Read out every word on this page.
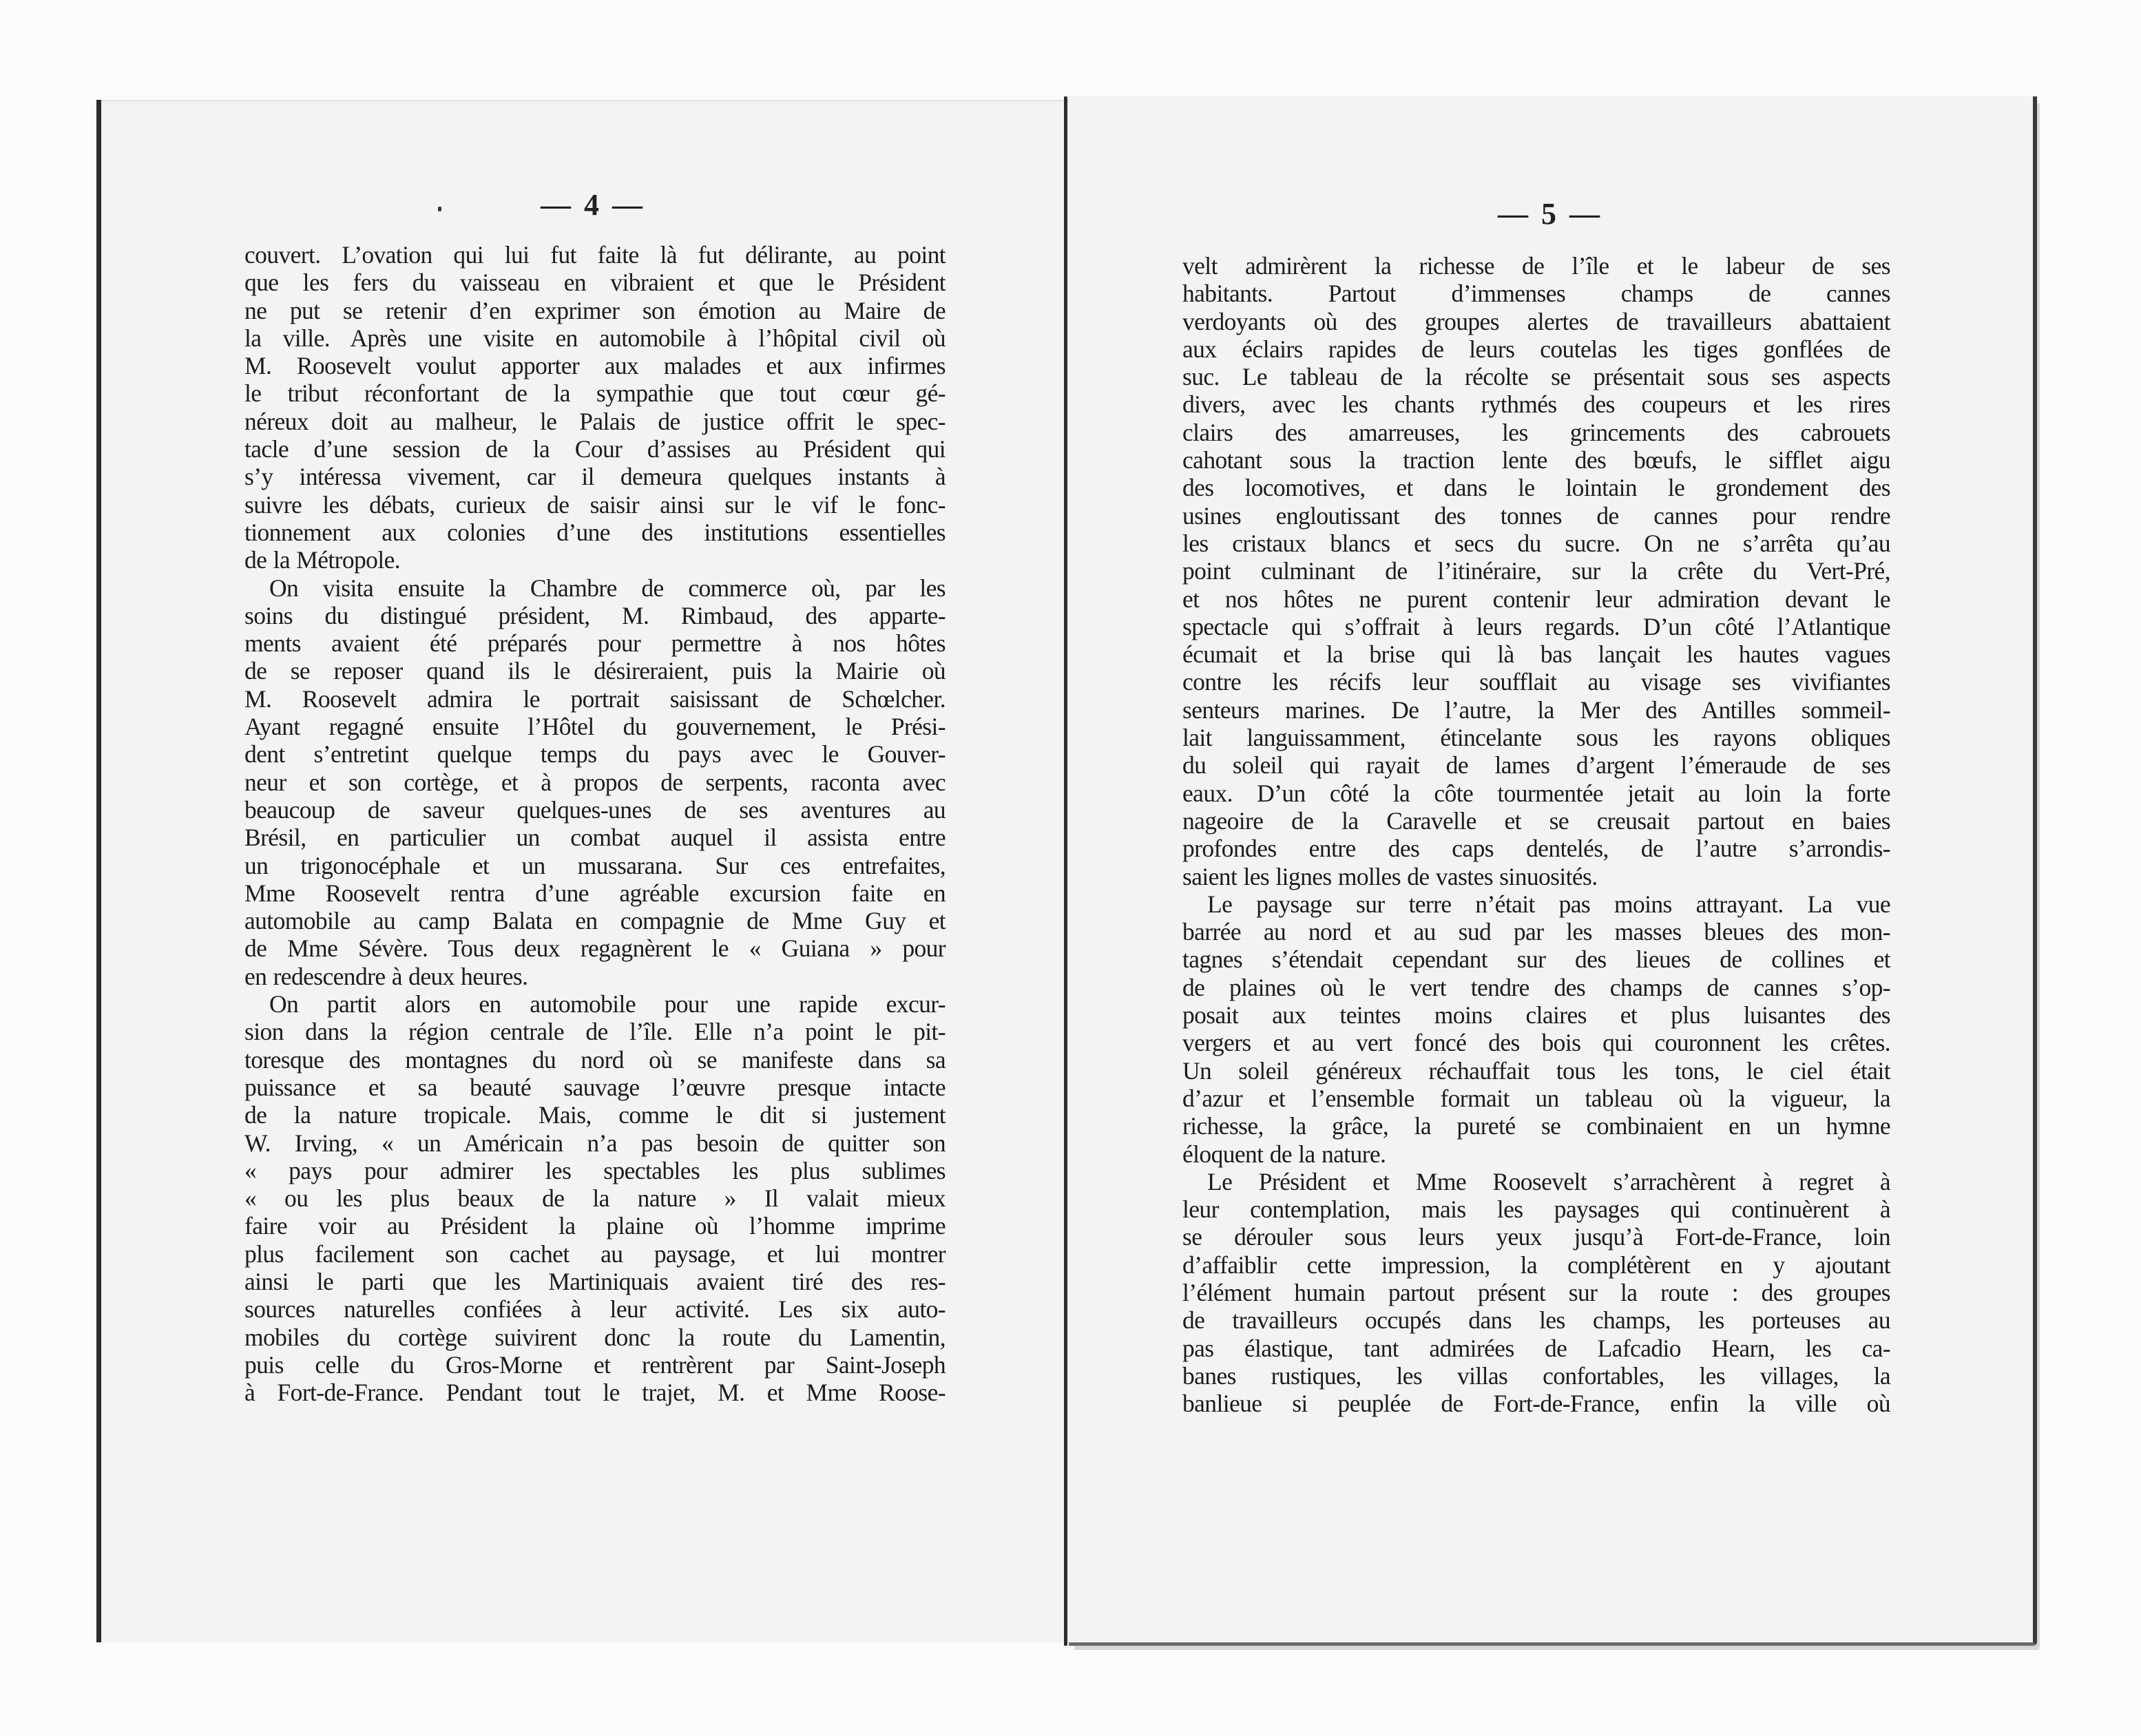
— 4 —	— 5 —
couvert. L’ovation qui lui fut faite là fut délirante, au point
que les fers du vaisseau en vibraient et que le Président
ne put se retenir d’en exprimer son émotion au Maire de
la ville. Après une visite en automobile à l’hôpital civil où
M. Roosevelt voulut apporter aux malades et aux infirmes
le tribut réconfortant de la sympathie que tout cœur gé-
néreux doit au malheur, le Palais de justice offrit le spec-
tacle d’une session de la Cour d’assises au Président qui
s’y intéressa vivement, car il demeura quelques instants à
suivre les débats, curieux de saisir ainsi sur le vif le fonc-
tionnement aux colonies d’une des institutions essentielles
de la Métropole.
On visita ensuite la Chambre de commerce où, par les
soins du distingué président, M. Rimbaud, des apparte-
ments avaient été préparés pour permettre à nos hôtes
de se reposer quand ils le désireraient, puis la Mairie où
M. Roosevelt admira le portrait saisissant de Schœlcher.
Ayant regagné ensuite l’Hôtel du gouvernement, le Prési-
dent s’entretint quelque temps du pays avec le Gouver-
neur et son cortège, et à propos de serpents, raconta avec
beaucoup de saveur quelques-unes de ses aventures au
Brésil, en particulier un combat auquel il assista entre
un trigonocéphale et un mussarana. Sur ces entrefaites,
Mme Roosevelt rentra d’une agréable excursion faite en
automobile au camp Balata en compagnie de Mme Guy et
de Mme Sévère. Tous deux regagnèrent le « Guiana » pour
en redescendre à deux heures.
On partit alors en automobile pour une rapide excur-
sion dans la région centrale de l’île. Elle n’a point le pit-
toresque des montagnes du nord où se manifeste dans sa
puissance et sa beauté sauvage l’œuvre presque intacte
de la nature tropicale. Mais, comme le dit si justement
W. Irving, « un Américain n’a pas besoin de quitter son
« pays pour admirer les spectables les plus sublimes
« ou les plus beaux de la nature » Il valait mieux
faire voir au Président la plaine où l’homme imprime
plus facilement son cachet au paysage, et lui montrer
ainsi le parti que les Martiniquais avaient tiré des res-
sources naturelles confiées à leur activité. Les six auto-
mobiles du cortège suivirent donc la route du Lamentin,
puis celle du Gros-Morne et rentrèrent par Saint-Joseph
à Fort-de-France. Pendant tout le trajet, M. et Mme Roose-
velt admirèrent la richesse de l’île et le labeur de ses
habitants. Partout d’immenses champs de cannes
verdoyants où des groupes alertes de travailleurs abattaient
aux éclairs rapides de leurs coutelas les tiges gonflées de
suc. Le tableau de la récolte se présentait sous ses aspects
divers, avec les chants rythmés des coupeurs et les rires
clairs des amarreuses, les grincements des cabrouets
cahotant sous la traction lente des bœufs, le sifflet aigu
des locomotives, et dans le lointain le grondement des
usines engloutissant des tonnes de cannes pour rendre
les cristaux blancs et secs du sucre. On ne s’arrêta qu’au
point culminant de l’itinéraire, sur la crête du Vert-Pré,
et nos hôtes ne purent contenir leur admiration devant le
spectacle qui s’offrait à leurs regards. D’un côté l’Atlantique
écumait et la brise qui là bas lançait les hautes vagues
contre les récifs leur soufflait au visage ses vivifiantes
senteurs marines. De l’autre, la Mer des Antilles sommeil-
lait languissamment, étincelante sous les rayons obliques
du soleil qui rayait de lames d’argent l’émeraude de ses
eaux. D’un côté la côte tourmentée jetait au loin la forte
nageoire de la Caravelle et se creusait partout en baies
profondes entre des caps dentelés, de l’autre s’arrondis-
saient les lignes molles de vastes sinuosités.
Le paysage sur terre n’était pas moins attrayant. La vue
barrée au nord et au sud par les masses bleues des mon-
tagnes s’étendait cependant sur des lieues de collines et
de plaines où le vert tendre des champs de cannes s’op-
posait aux teintes moins claires et plus luisantes des
vergers et au vert foncé des bois qui couronnent les crêtes.
Un soleil généreux réchauffait tous les tons, le ciel était
d’azur et l’ensemble formait un tableau où la vigueur, la
richesse, la grâce, la pureté se combinaient en un hymne
éloquent de la nature.
Le Président et Mme Roosevelt s’arrachèrent à regret à
leur contemplation, mais les paysages qui continuèrent à
se dérouler sous leurs yeux jusqu’à Fort-de-France, loin
d’affaiblir cette impression, la complétèrent en y ajoutant
l’élément humain partout présent sur la route : des groupes
de travailleurs occupés dans les champs, les porteuses au
pas élastique, tant admirées de Lafcadio Hearn, les ca-
banes rustiques, les villas confortables, les villages, la
banlieue si peuplée de Fort-de-France, enfin la ville où
